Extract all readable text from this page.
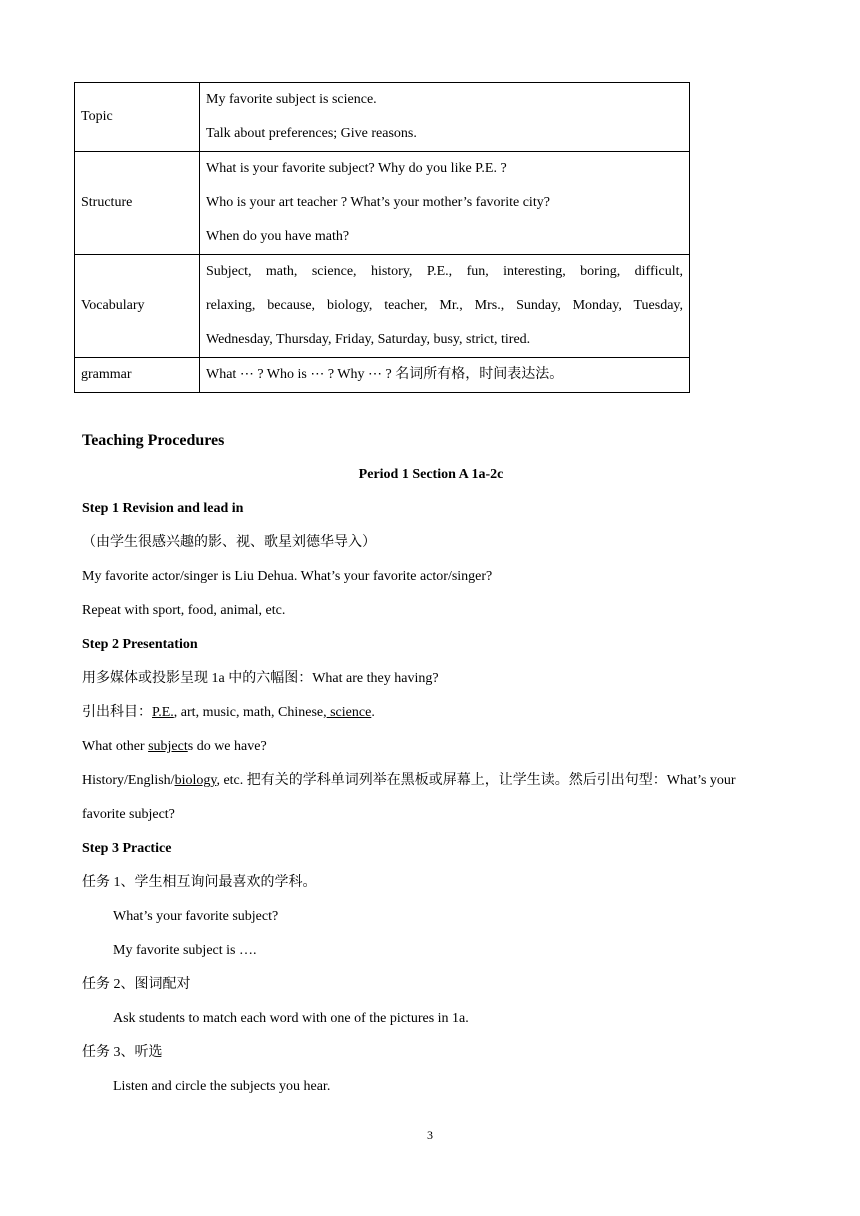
Topic	My favorite subject is science.
Talk about preferences; Give reasons.

Structure	What is your favorite subject? Why do you like P.E. ?
Who is your art teacher ? What’s your mother’s favorite city?
When do you have math?

Vocabulary	Subject, math, science, history, P.E., fun, interesting, boring, difficult,
relaxing, because, biology, teacher, Mr., Mrs., Sunday, Monday, Tuesday,
Wednesday, Thursday, Friday, Saturday, busy, strict, tired.

grammar	What ⋯ ? Who is ⋯ ? Why ⋯ ? 名词所有格，时间表达法。
Teaching Procedures
Period 1 Section A 1a-2c
Step 1 Revision and lead in
（由学生很感兴趣的影、视、歌星刘德华导入）
My favorite actor/singer is Liu Dehua. What’s your favorite actor/singer?
Repeat with sport, food, animal, etc.
Step 2 Presentation
用多媒体或投影呈现 1a 中的六幅图：What are they having?
引出科目：P.E., art, music, math, Chinese, science.
What other subjects do we have?
History/English/biology, etc. 把有关的学科单词列举在黑板或屏幕上，让学生读。然后引出句型：What’s your
favorite subject?
Step 3 Practice
任务 1、学生相互询问最喜欢的学科。
What’s your favorite subject?
My favorite subject is ….
任务 2、图词配对
Ask students to match each word with one of the pictures in 1a.
任务 3、听选
Listen and circle the subjects you hear.
3
